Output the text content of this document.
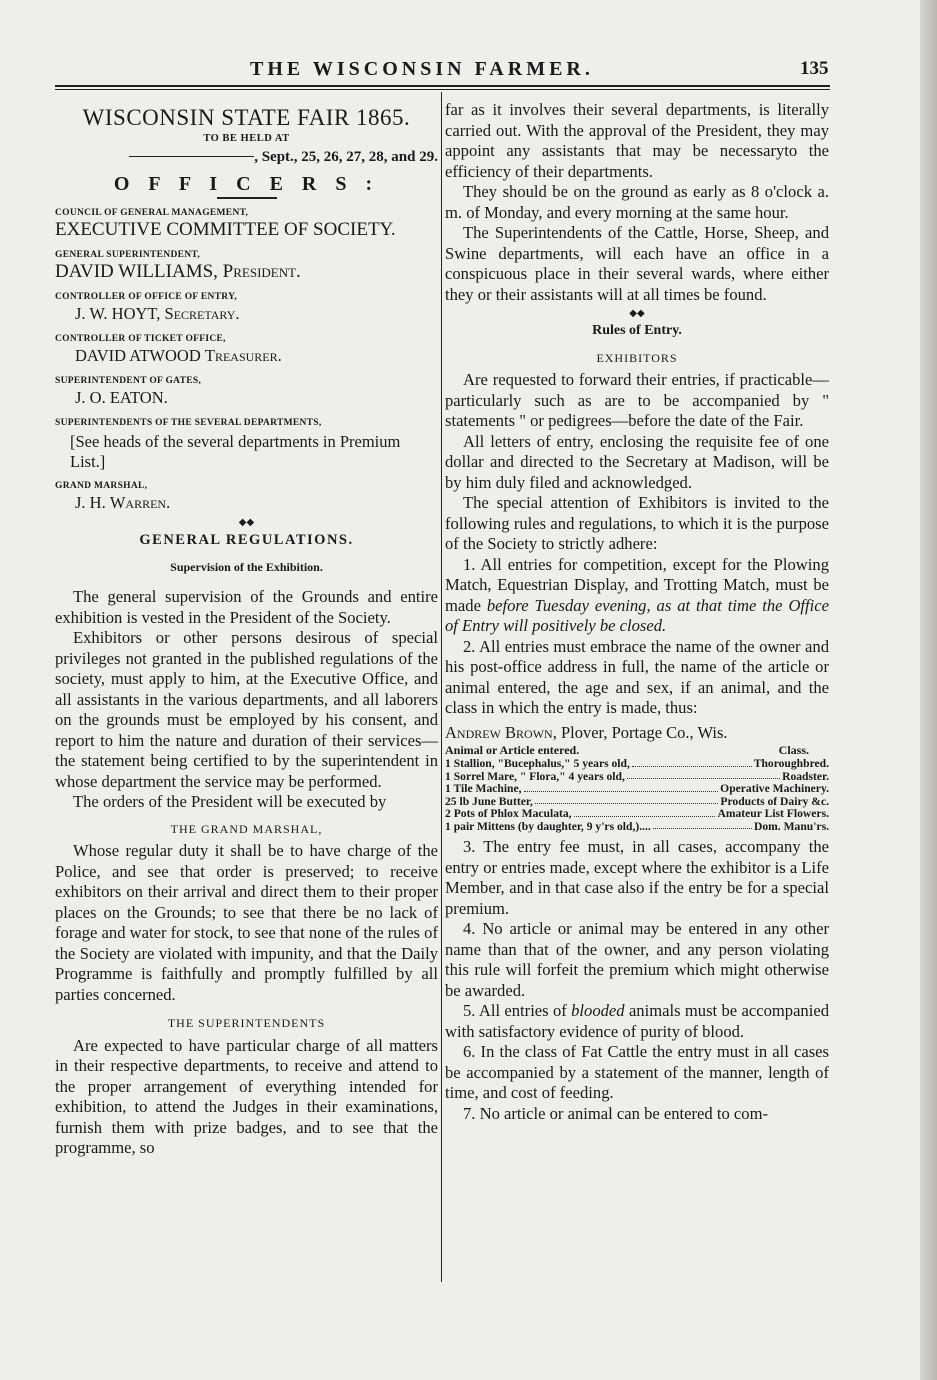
THE WISCONSIN FARMER.	135
WISCONSIN STATE FAIR 1865.
TO BE HELD AT
, Sept., 25, 26, 27, 28, and 29.
O F F I C E R S :
COUNCIL OF GENERAL MANAGEMENT,
EXECUTIVE COMMITTEE OF SOCIETY.
GENERAL SUPERINTENDENT,
DAVID WILLIAMS, President.
CONTROLLER OF OFFICE OF ENTRY,
J. W. HOYT, Secretary.
CONTROLLER OF TICKET OFFICE,
DAVID ATWOOD Treasurer.
SUPERINTENDENT OF GATES,
J. O. EATON.
SUPERINTENDENTS OF THE SEVERAL DEPARTMENTS,
[See heads of the several departments in Premium List.]
GRAND MARSHAL,
J. H. Warren.
◆◆
GENERAL REGULATIONS.
Supervision of the Exhibition.

The general supervision of the Grounds and entire exhibition is vested in the President of the Society.

Exhibitors or other persons desirous of special privileges not granted in the published regulations of the society, must apply to him, at the Executive Office, and all assistants in the various departments, and all laborers on the grounds must be employed by his consent, and report to him the nature and duration of their services—the statement being certified to by the superintendent in whose department the service may be performed.

The orders of the President will be executed by

THE GRAND MARSHAL,

Whose regular duty it shall be to have charge of the Police, and see that order is preserved; to receive exhibitors on their arrival and direct them to their proper places on the Grounds; to see that there be no lack of forage and water for stock, to see that none of the rules of the Society are violated with impunity, and that the Daily Programme is faithfully and promptly fulfilled by all parties concerned.

THE SUPERINTENDENTS

Are expected to have particular charge of all matters in their respective departments, to receive and attend to the proper arrangement of everything intended for exhibition, to attend the Judges in their examinations, furnish them with prize badges, and to see that the programme, so

far as it involves their several departments, is literally carried out. With the approval of the President, they may appoint any assistants that may be necessaryto the efficiency of their departments.

They should be on the ground as early as 8 o'clock a. m. of Monday, and every morning at the same hour.

The Superintendents of the Cattle, Horse, Sheep, and Swine departments, will each have an office in a conspicuous place in their several wards, where either they or their assistants will at all times be found.

◆◆
Rules of Entry.
EXHIBITORS

Are requested to forward their entries, if practicable—particularly such as are to be accompanied by " statements " or pedigrees—before the date of the Fair.

All letters of entry, enclosing the requisite fee of one dollar and directed to the Secretary at Madison, will be by him duly filed and acknowledged.

The special attention of Exhibitors is invited to the following rules and regulations, to which it is the purpose of the Society to strictly adhere:

1. All entries for competition, except for the Plowing Match, Equestrian Display, and Trotting Match, must be made before Tuesday evening, as at that time the Office of Entry will positively be closed.

2. All entries must embrace the name of the owner and his post-office address in full, the name of the article or animal entered, the age and sex, if an animal, and the class in which the entry is made, thus:

Andrew Brown, Plover, Portage Co., Wis.
Animal or Article entered.	Class.
1 Stallion, "Bucephalus," 5 years old,	Thoroughbred.
1 Sorrel Mare, " Flora," 4 years old,	Roadster.
1 Tile Machine,	Operative Machinery.
25 lb June Butter,	Products of Dairy &c.
2 Pots of Phlox Maculata,	Amateur List Flowers.
1 pair Mittens (by daughter, 9 y'rs old,)....	Dom. Manu'rs.

3. The entry fee must, in all cases, accompany the entry or entries made, except where the exhibitor is a Life Member, and in that case also if the entry be for a special premium.

4. No article or animal may be entered in any other name than that of the owner, and any person violating this rule will forfeit the premium which might otherwise be awarded.

5. All entries of blooded animals must be accompanied with satisfactory evidence of purity of blood.

6. In the class of Fat Cattle the entry must in all cases be accompanied by a statement of the manner, length of time, and cost of feeding.

7. No article or animal can be entered to com-
